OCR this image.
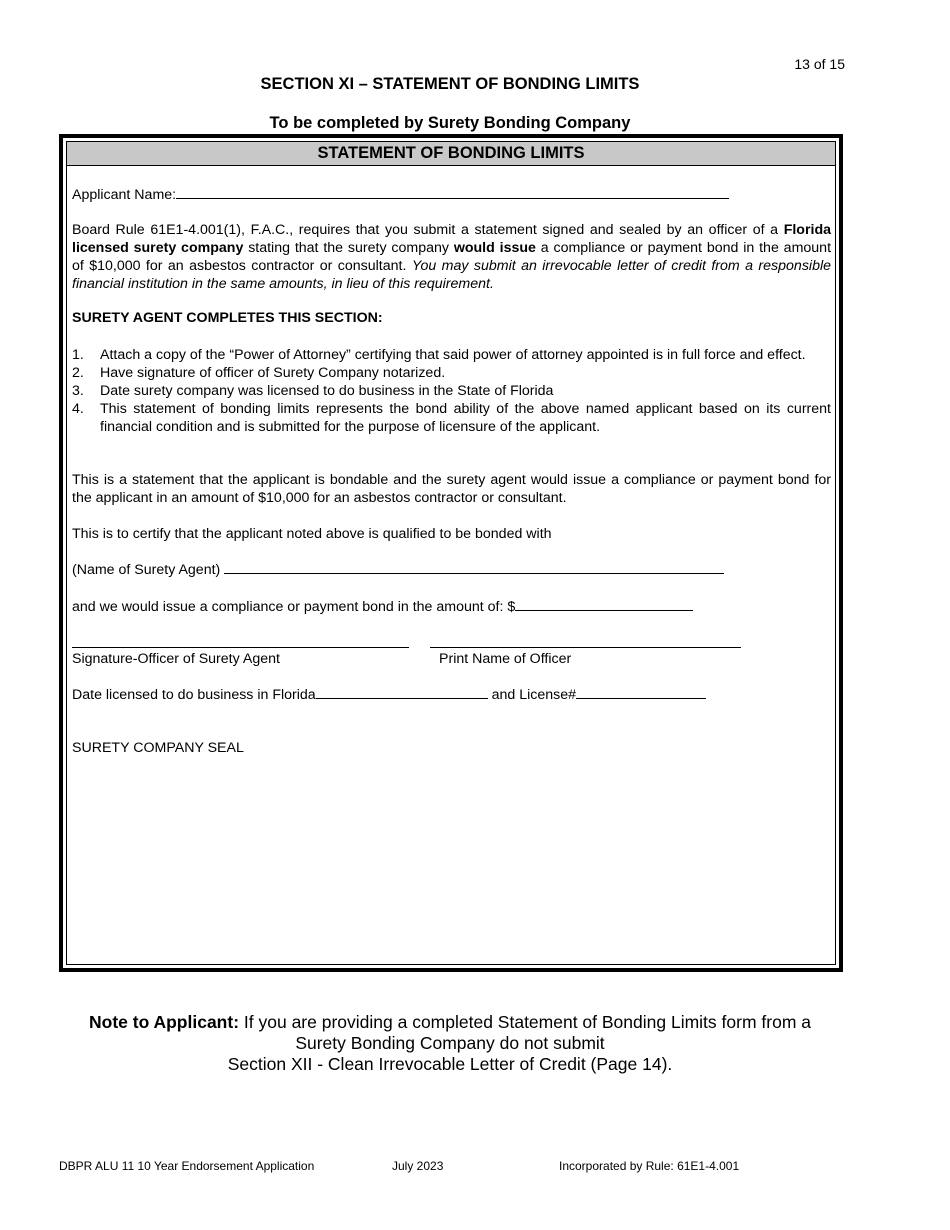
13 of 15
SECTION XI – STATEMENT OF BONDING LIMITS
To be completed by Surety Bonding Company
STATEMENT OF BONDING LIMITS
Applicant Name:
Board Rule 61E1-4.001(1), F.A.C., requires that you submit a statement signed and sealed by an officer of a Florida licensed surety company stating that the surety company would issue a compliance or payment bond in the amount of $10,000 for an asbestos contractor or consultant. You may submit an irrevocable letter of credit from a responsible financial institution in the same amounts, in lieu of this requirement.
SURETY AGENT COMPLETES THIS SECTION:
1. Attach a copy of the “Power of Attorney” certifying that said power of attorney appointed is in full force and effect.
2. Have signature of officer of Surety Company notarized.
3. Date surety company was licensed to do business in the State of Florida
4. This statement of bonding limits represents the bond ability of the above named applicant based on its current financial condition and is submitted for the purpose of licensure of the applicant.
This is a statement that the applicant is bondable and the surety agent would issue a compliance or payment bond for the applicant in an amount of $10,000 for an asbestos contractor or consultant.
This is to certify that the applicant noted above is qualified to be bonded with
(Name of Surety Agent)
and we would issue a compliance or payment bond in the amount of: $
Signature-Officer of Surety Agent	Print Name of Officer
Date licensed to do business in Florida	and License#
SURETY COMPANY SEAL
Note to Applicant: If you are providing a completed Statement of Bonding Limits form from a
Surety Bonding Company do not submit
Section XII - Clean Irrevocable Letter of Credit (Page 14).
DBPR ALU 11 10 Year Endorsement Application	July 2023	Incorporated by Rule: 61E1-4.001
